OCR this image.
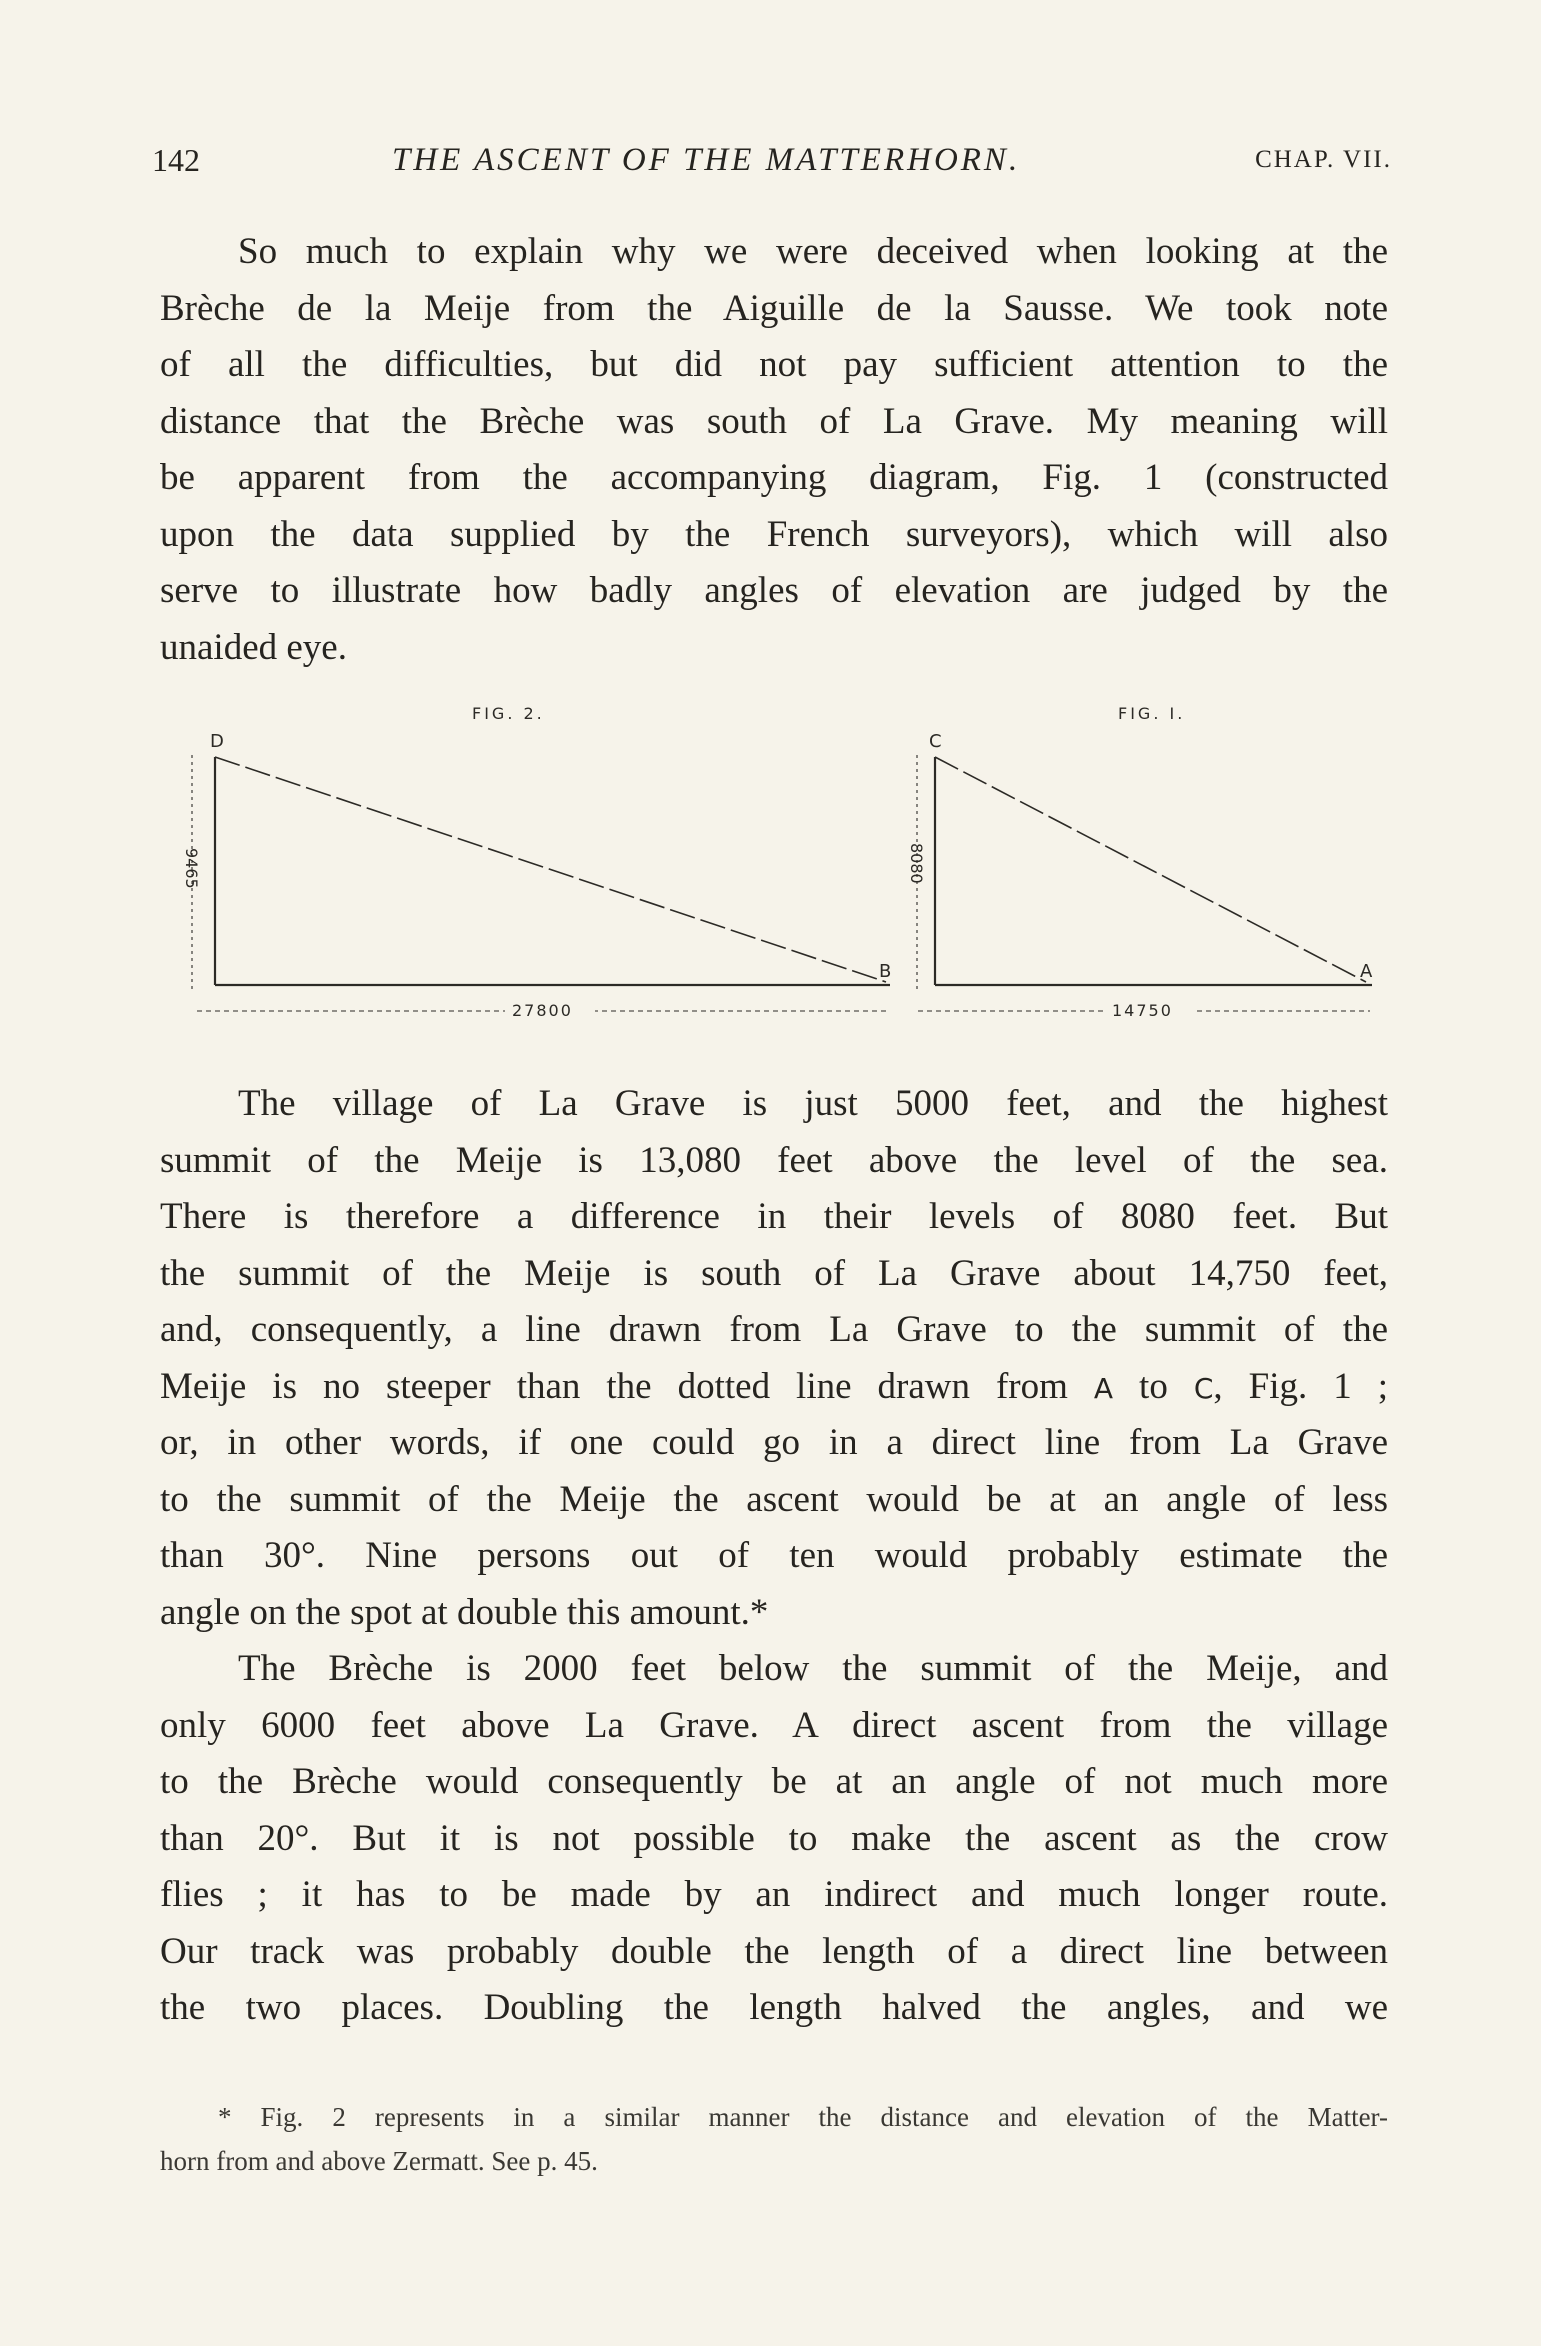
142	THE ASCENT OF THE MATTERHORN.	CHAP. VII.
So much to explain why we were deceived when looking at the
Brèche de la Meije from the Aiguille de la Sausse. We took note
of all the difficulties, but did not pay sufficient attention to the
distance that the Brèche was south of La Grave. My meaning will
be apparent from the accompanying diagram, Fig. 1 (constructed
upon the data supplied by the French surveyors), which will also
serve to illustrate how badly angles of elevation are judged by the
unaided eye.
FIG. 2.
D
B
9465
27800
FIG. I.
C
A
8080
14750
The village of La Grave is just 5000 feet, and the highest
summit of the Meije is 13,080 feet above the level of the sea.
There is therefore a difference in their levels of 8080 feet. But
the summit of the Meije is south of La Grave about 14,750 feet,
and, consequently, a line drawn from La Grave to the summit of the
Meije is no steeper than the dotted line drawn from A to C, Fig. 1 ;
or, in other words, if one could go in a direct line from La Grave
to the summit of the Meije the ascent would be at an angle of less
than 30°. Nine persons out of ten would probably estimate the
angle on the spot at double this amount.*
The Brèche is 2000 feet below the summit of the Meije, and
only 6000 feet above La Grave. A direct ascent from the village
to the Brèche would consequently be at an angle of not much more
than 20°. But it is not possible to make the ascent as the crow
flies ; it has to be made by an indirect and much longer route.
Our track was probably double the length of a direct line between
the two places. Doubling the length halved the angles, and we
* Fig. 2 represents in a similar manner the distance and elevation of the Matter-
horn from and above Zermatt. See p. 45.
